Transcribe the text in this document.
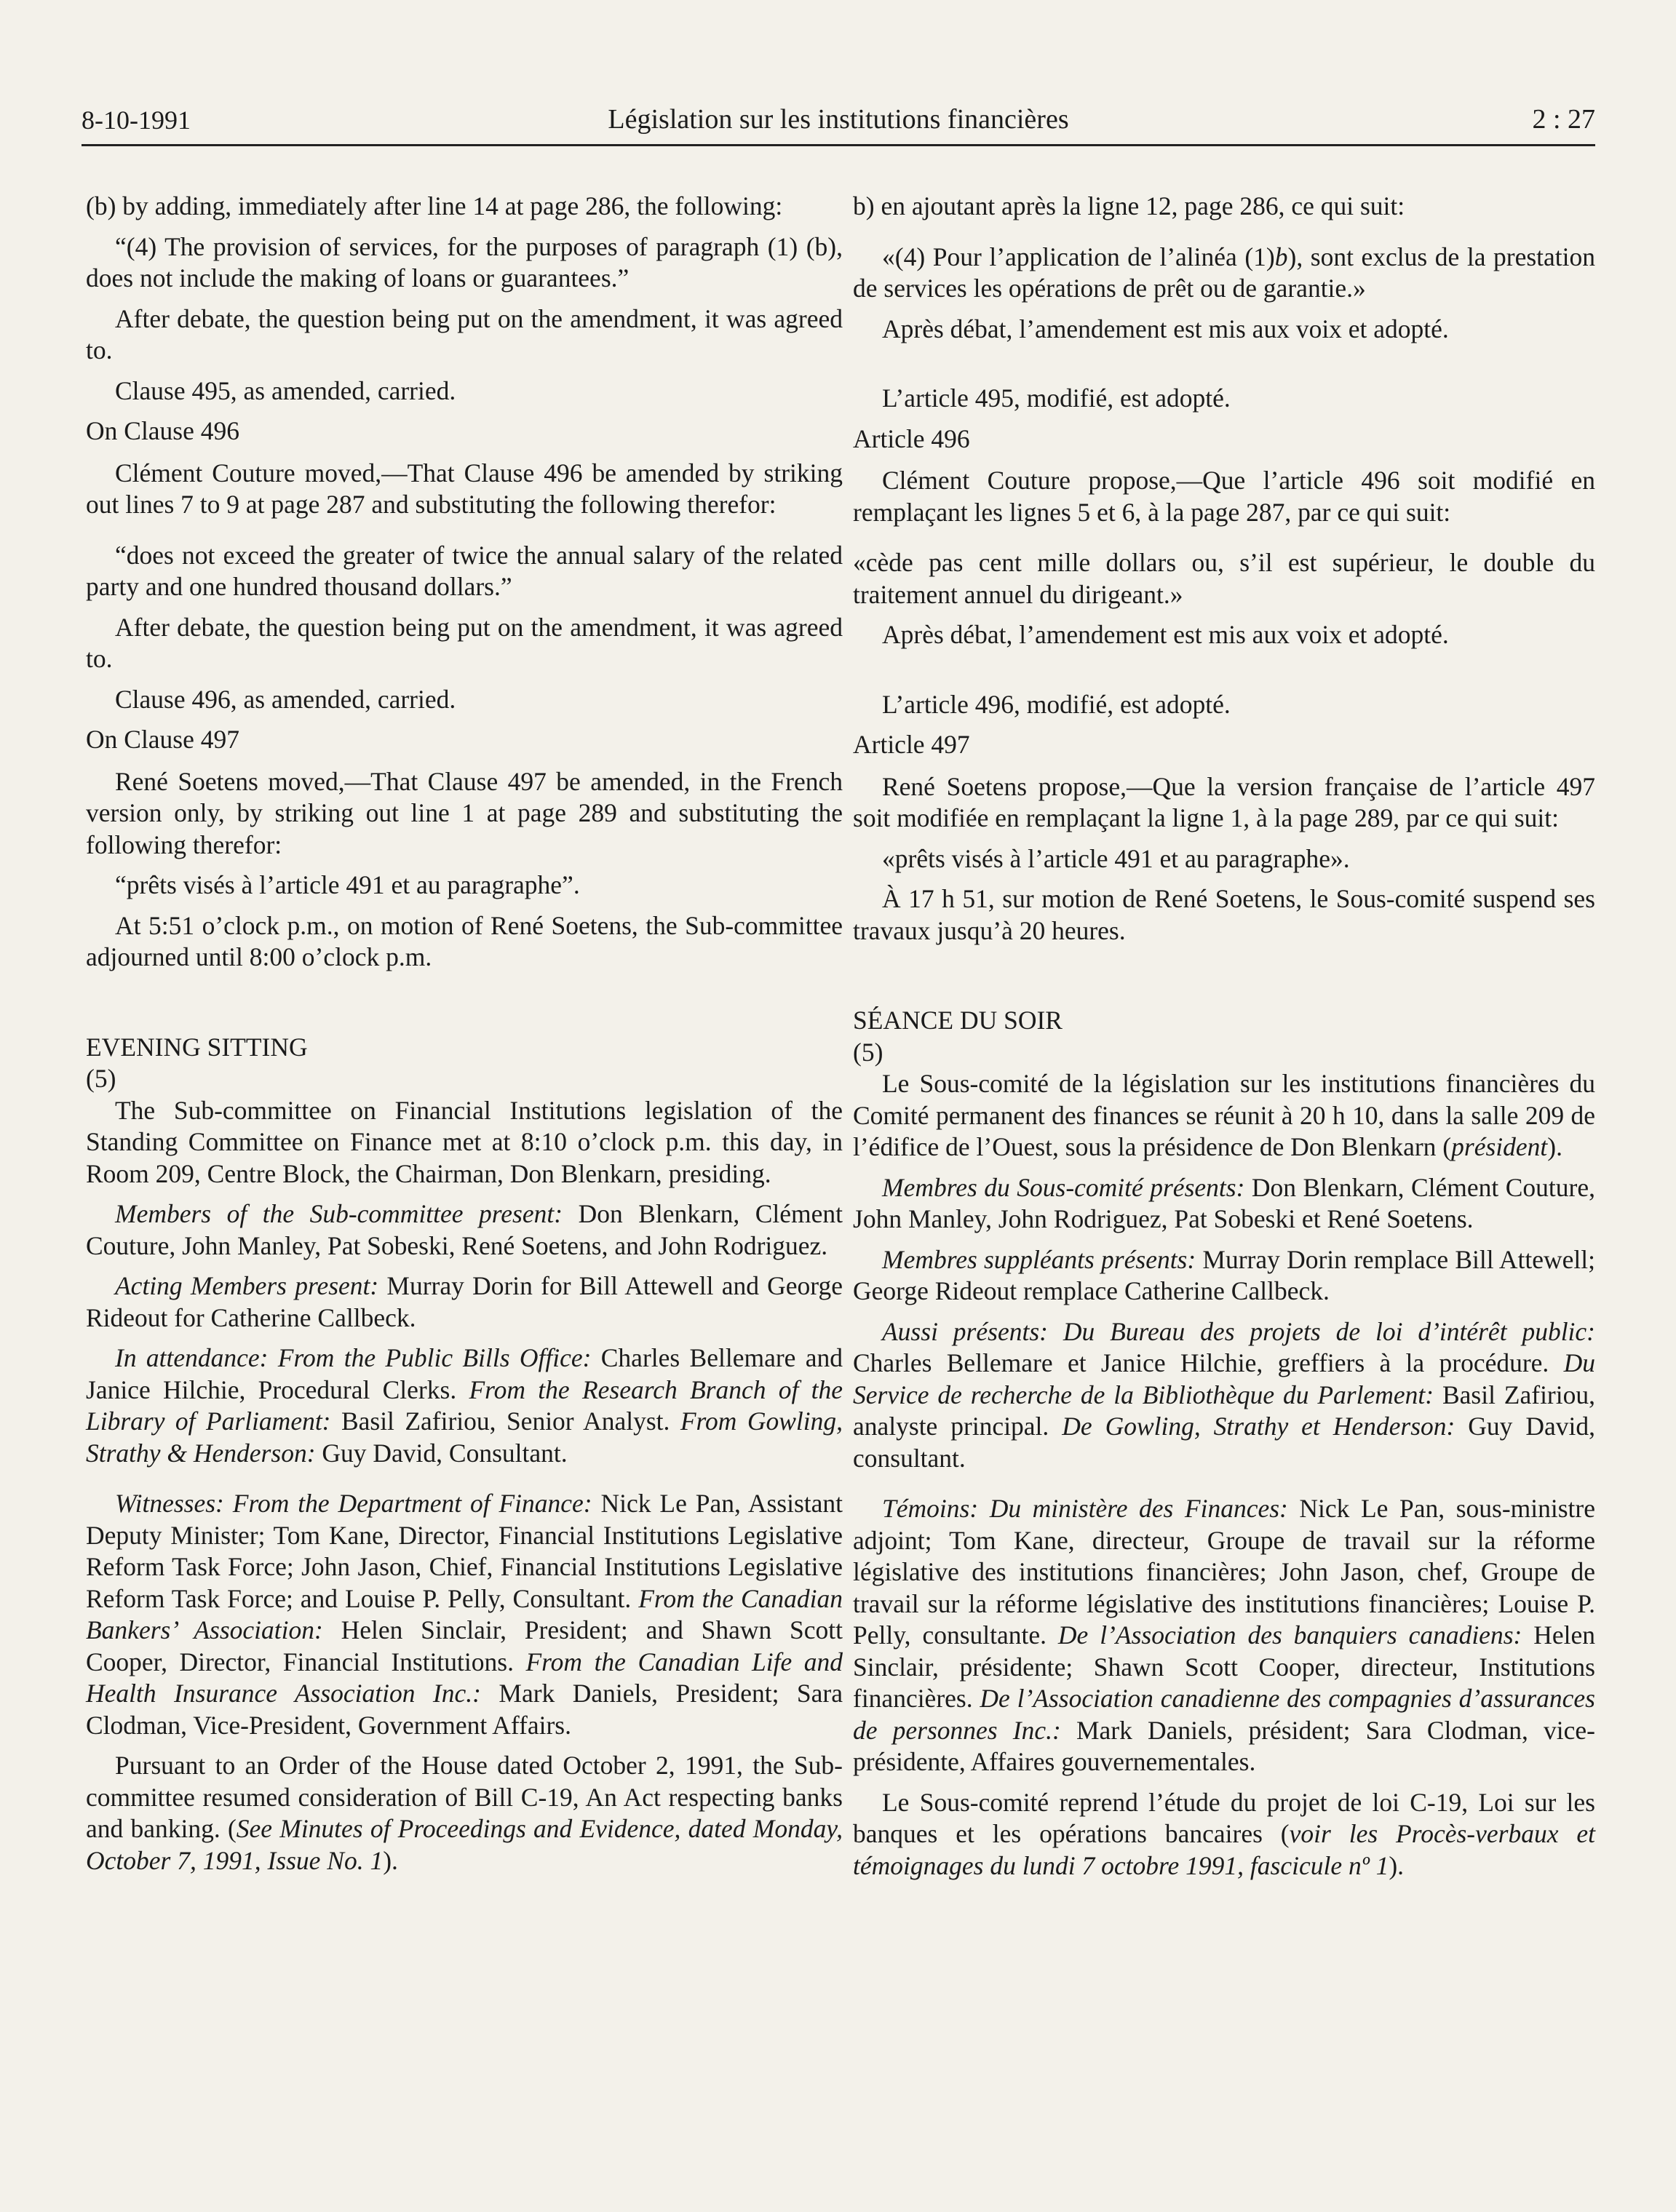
8-10-1991	Législation sur les institutions financières	2 : 27

(b) by adding, immediately after line 14 at page 286, the following:

“(4) The provision of services, for the purposes of paragraph (1) (b), does not include the making of loans or guarantees.”

After debate, the question being put on the amendment, it was agreed to.

Clause 495, as amended, carried.

On Clause 496

Clément Couture moved,—That Clause 496 be amended by striking out lines 7 to 9 at page 287 and substituting the following therefor:

“does not exceed the greater of twice the annual salary of the related party and one hundred thousand dollars.”

After debate, the question being put on the amendment, it was agreed to.

Clause 496, as amended, carried.

On Clause 497

René Soetens moved,—That Clause 497 be amended, in the French version only, by striking out line 1 at page 289 and substituting the following therefor:

“prêts visés à l’article 491 et au paragraphe”.

At 5:51 o’clock p.m., on motion of René Soetens, the Sub-committee adjourned until 8:00 o’clock p.m.

EVENING SITTING

(5)

The Sub-committee on Financial Institutions legislation of the Standing Committee on Finance met at 8:10 o’clock p.m. this day, in Room 209, Centre Block, the Chairman, Don Blenkarn, presiding.

Members of the Sub-committee present: Don Blenkarn, Clément Couture, John Manley, Pat Sobeski, René Soetens, and John Rodriguez.

Acting Members present: Murray Dorin for Bill Attewell and George Rideout for Catherine Callbeck.

In attendance: From the Public Bills Office: Charles Bellemare and Janice Hilchie, Procedural Clerks. From the Research Branch of the Library of Parliament: Basil Zafiriou, Senior Analyst. From Gowling, Strathy & Henderson: Guy David, Consultant.

Witnesses: From the Department of Finance: Nick Le Pan, Assistant Deputy Minister; Tom Kane, Director, Financial Institutions Legislative Reform Task Force; John Jason, Chief, Financial Institutions Legislative Reform Task Force; and Louise P. Pelly, Consultant. From the Canadian Bankers’ Association: Helen Sinclair, President; and Shawn Scott Cooper, Director, Financial Institutions. From the Canadian Life and Health Insurance Association Inc.: Mark Daniels, President; Sara Clodman, Vice-President, Government Affairs.

Pursuant to an Order of the House dated October 2, 1991, the Sub-committee resumed consideration of Bill C-19, An Act respecting banks and banking. (See Minutes of Proceedings and Evidence, dated Monday, October 7, 1991, Issue No. 1).

b) en ajoutant après la ligne 12, page 286, ce qui suit:

«(4) Pour l’application de l’alinéa (1)b), sont exclus de la prestation de services les opérations de prêt ou de garantie.»

Après débat, l’amendement est mis aux voix et adopté.

L’article 495, modifié, est adopté.

Article 496

Clément Couture propose,—Que l’article 496 soit modifié en remplaçant les lignes 5 et 6, à la page 287, par ce qui suit:

«cède pas cent mille dollars ou, s’il est supérieur, le double du traitement annuel du dirigeant.»

Après débat, l’amendement est mis aux voix et adopté.

L’article 496, modifié, est adopté.

Article 497

René Soetens propose,—Que la version française de l’article 497 soit modifiée en remplaçant la ligne 1, à la page 289, par ce qui suit:

«prêts visés à l’article 491 et au paragraphe».

À 17 h 51, sur motion de René Soetens, le Sous-comité suspend ses travaux jusqu’à 20 heures.

SÉANCE DU SOIR

(5)

Le Sous-comité de la législation sur les institutions financières du Comité permanent des finances se réunit à 20 h 10, dans la salle 209 de l’édifice de l’Ouest, sous la présidence de Don Blenkarn (président).

Membres du Sous-comité présents: Don Blenkarn, Clément Couture, John Manley, John Rodriguez, Pat Sobeski et René Soetens.

Membres suppléants présents: Murray Dorin remplace Bill Attewell; George Rideout remplace Catherine Callbeck.

Aussi présents: Du Bureau des projets de loi d’intérêt public: Charles Bellemare et Janice Hilchie, greffiers à la procédure. Du Service de recherche de la Bibliothèque du Parlement: Basil Zafiriou, analyste principal. De Gowling, Strathy et Henderson: Guy David, consultant.

Témoins: Du ministère des Finances: Nick Le Pan, sous-ministre adjoint; Tom Kane, directeur, Groupe de travail sur la réforme législative des institutions financières; John Jason, chef, Groupe de travail sur la réforme législative des institutions financières; Louise P. Pelly, consultante. De l’Association des banquiers canadiens: Helen Sinclair, présidente; Shawn Scott Cooper, directeur, Institutions financières. De l’Association canadienne des compagnies d’assurances de personnes Inc.: Mark Daniels, président; Sara Clodman, vice-présidente, Affaires gouvernementales.

Le Sous-comité reprend l’étude du projet de loi C-19, Loi sur les banques et les opérations bancaires (voir les Procès-verbaux et témoignages du lundi 7 octobre 1991, fascicule nº 1).
